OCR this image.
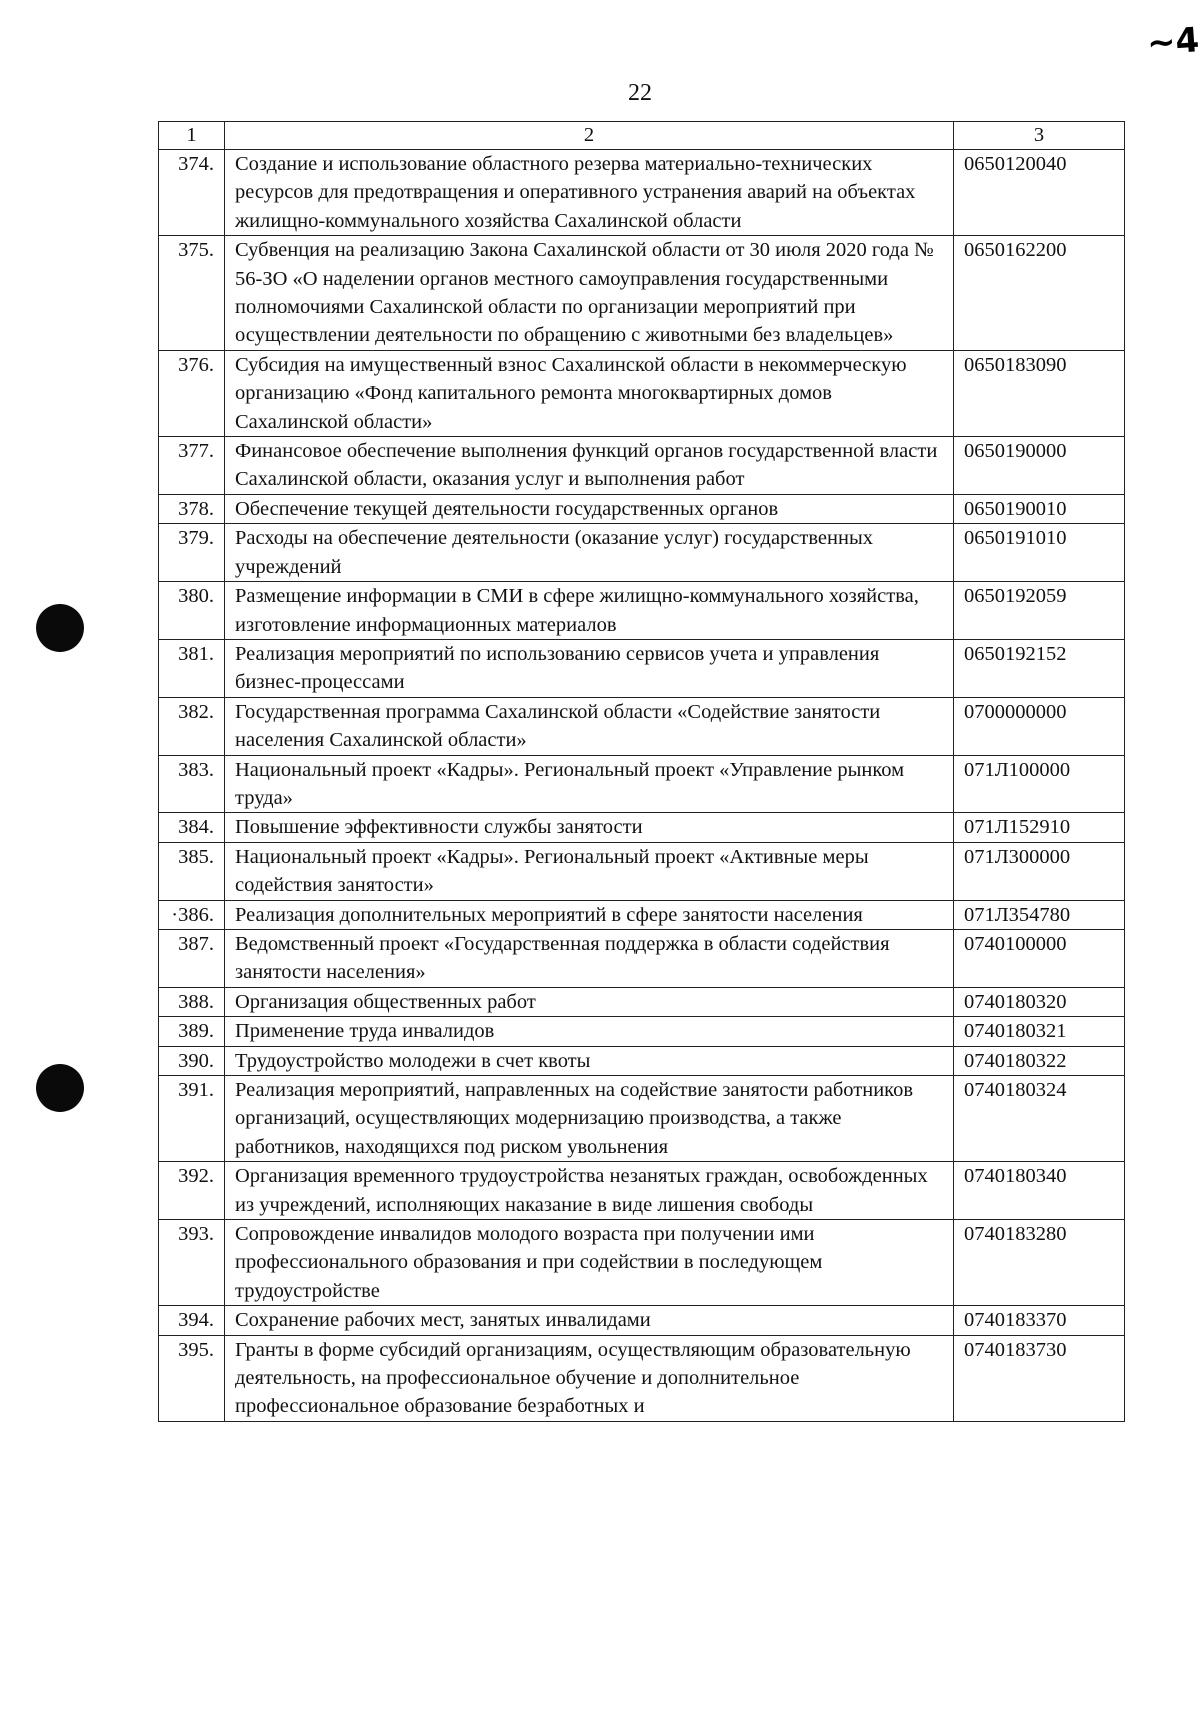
~4
22
1	2	3
374.	Создание и использование областного резерва материально-технических ресурсов для предотвращения и оперативного устранения аварий на объектах жилищно-коммунального хозяйства Сахалинской области	0650120040
375.	Субвенция на реализацию Закона Сахалинской области от 30 июля 2020 года № 56-ЗО «О наделении органов местного самоуправления государственными полномочиями Сахалинской области по организации мероприятий при осуществлении деятельности по обращению с животными без владельцев»	0650162200
376.	Субсидия на имущественный взнос Сахалинской области в некоммерческую организацию «Фонд капитального ремонта многоквартирных домов Сахалинской области»	0650183090
377.	Финансовое обеспечение выполнения функций органов государственной власти Сахалинской области, оказания услуг и выполнения работ	0650190000
378.	Обеспечение текущей деятельности государственных органов	0650190010
379.	Расходы на обеспечение деятельности (оказание услуг) государственных учреждений	0650191010
380.	Размещение информации в СМИ в сфере жилищно-коммунального хозяйства, изготовление информационных материалов	0650192059
381.	Реализация мероприятий по использованию сервисов учета и управления бизнес-процессами	0650192152
382.	Государственная программа Сахалинской области «Содействие занятости населения Сахалинской области»	0700000000
383.	Национальный проект «Кадры». Региональный проект «Управление рынком труда»	071Л100000
384.	Повышение эффективности службы занятости	071Л152910
385.	Национальный проект «Кадры». Региональный проект «Активные меры содействия занятости»	071Л300000
·386.	Реализация дополнительных мероприятий в сфере занятости населения	071Л354780
387.	Ведомственный проект «Государственная поддержка в области содействия занятости населения»	0740100000
388.	Организация общественных работ	0740180320
389.	Применение труда инвалидов	0740180321
390.	Трудоустройство молодежи в счет квоты	0740180322
391.	Реализация мероприятий, направленных на содействие занятости работников организаций, осуществляющих модернизацию производства, а также работников, находящихся под риском увольнения	0740180324
392.	Организация временного трудоустройства незанятых граждан, освобожденных из учреждений, исполняющих наказание в виде лишения свободы	0740180340
393.	Сопровождение инвалидов молодого возраста при получении ими профессионального образования и при содействии в последующем трудоустройстве	0740183280
394.	Сохранение рабочих мест, занятых инвалидами	0740183370
395.	Гранты в форме субсидий организациям, осуществляющим образовательную деятельность, на профессиональное обучение и дополнительное профессиональное образование безработных и	0740183730
